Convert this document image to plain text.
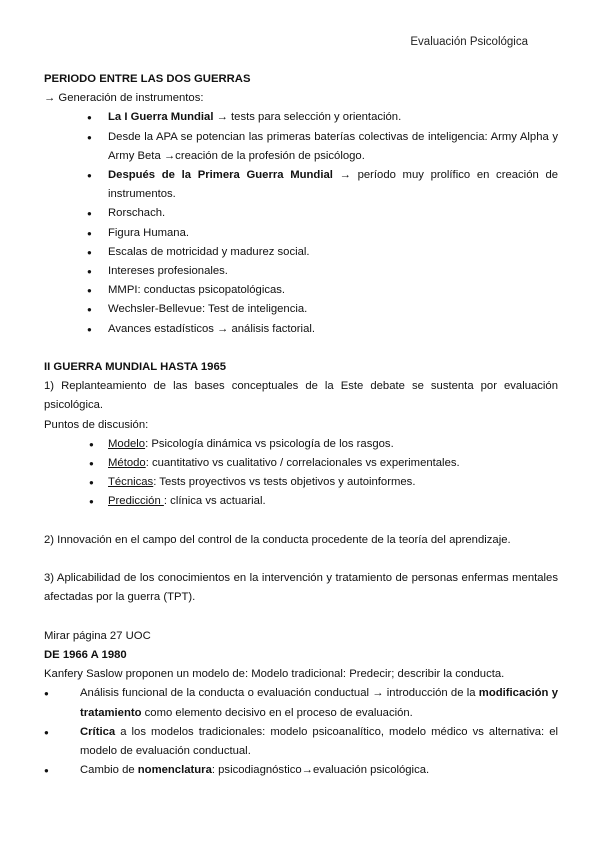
Evaluación Psicológica
PERIODO ENTRE LAS DOS GUERRAS
→ Generación de instrumentos:
● La I Guerra Mundial → tests para selección y orientación.
● Desde la APA se potencian las primeras baterías colectivas de inteligencia: Army Alpha y Army Beta →creación de la profesión de psicólogo.
● Después de la Primera Guerra Mundial → período muy prolífico en creación de instrumentos.
● Rorschach.
● Figura Humana.
● Escalas de motricidad y madurez social.
● Intereses profesionales.
● MMPI: conductas psicopatológicas.
● Wechsler-Bellevue: Test de inteligencia.
● Avances estadísticos → análisis factorial.
II GUERRA MUNDIAL HASTA 1965
1) Replanteamiento de las bases conceptuales de la Este debate se sustenta por evaluación psicológica.
Puntos de discusión:
● Modelo: Psicología dinámica vs psicología de los rasgos.
● Método: cuantitativo vs cualitativo / correlacionales vs experimentales.
● Técnicas: Tests proyectivos vs tests objetivos y autoinformes.
● Predicción : clínica vs actuarial.
2) Innovación en el campo del control de la conducta procedente de la teoría del aprendizaje.
3) Aplicabilidad de los conocimientos en la intervención y tratamiento de personas enfermas mentales afectadas por la guerra (TPT).
Mirar página 27 UOC
DE 1966 A 1980
Kanfery Saslow proponen un modelo de: Modelo tradicional: Predecir; describir la conducta.
● Análisis funcional de la conducta o evaluación conductual → introducción de la modificación y tratamiento como elemento decisivo en el proceso de evaluación.
● Crítica a los modelos tradicionales: modelo psicoanalítico, modelo médico vs alternativa: el modelo de evaluación conductual.
● Cambio de nomenclatura: psicodiagnóstico→evaluación psicológica.
